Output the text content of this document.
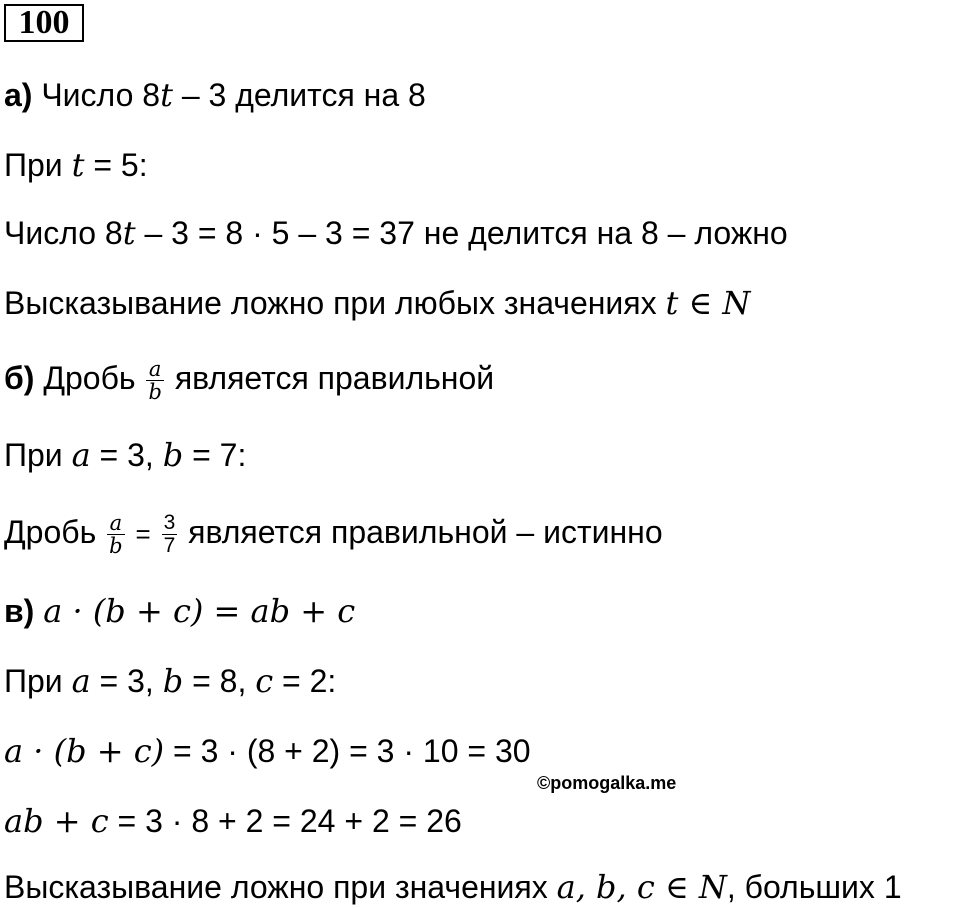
100
а) Число 8t – 3 делится на 8
При t = 5:
Число 8t – 3 = 8 · 5 – 3 = 37 не делится на 8 – ложно
Высказывание ложно при любых значениях t ∈ N
б) Дробь $\frac{a}{b}$ является правильной
При a = 3, b = 7:
Дробь $\frac{a}{b} = \frac{3}{7}$ является правильной – истинно
в) a · (b + c) = ab + c
При a = 3, b = 8, c = 2:
a · (b + c) = 3 · (8 + 2) = 3 · 10 = 30
©pomogalka.me
ab + c = 3 · 8 + 2 = 24 + 2 = 26
Высказывание ложно при значениях a, b, c ∈ N, больших 1
